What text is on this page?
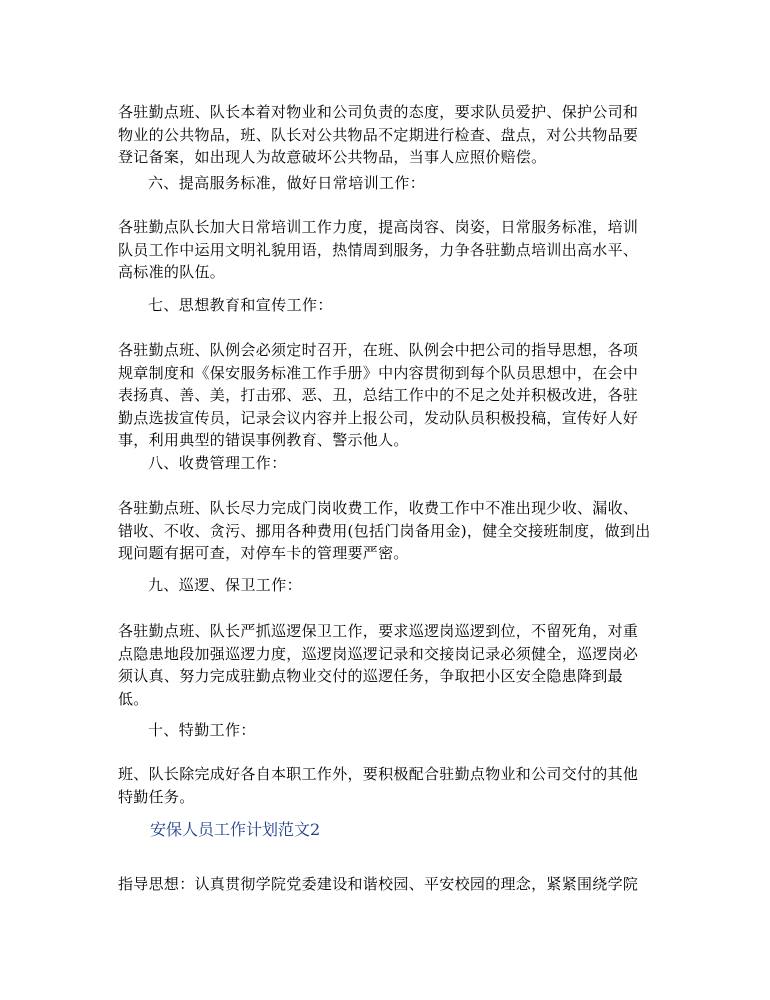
各驻勤点班、队长本着对物业和公司负责的态度，要求队员爱护、保护公司和物业的公共物品，班、队长对公共物品不定期进行检查、盘点，对公共物品要登记备案，如出现人为故意破坏公共物品，当事人应照价赔偿。
六、提高服务标准，做好日常培训工作：
各驻勤点队长加大日常培训工作力度，提高岗容、岗姿，日常服务标准，培训队员工作中运用文明礼貌用语，热情周到服务，力争各驻勤点培训出高水平、高标准的队伍。
七、思想教育和宣传工作：
各驻勤点班、队例会必须定时召开，在班、队例会中把公司的指导思想，各项规章制度和《保安服务标准工作手册》中内容贯彻到每个队员思想中，在会中表扬真、善、美，打击邪、恶、丑，总结工作中的不足之处并积极改进，各驻勤点选拔宣传员，记录会议内容并上报公司，发动队员积极投稿，宣传好人好事，利用典型的错误事例教育、警示他人。
八、收费管理工作：
各驻勤点班、队长尽力完成门岗收费工作，收费工作中不准出现少收、漏收、错收、不收、贪污、挪用各种费用(包括门岗备用金)，健全交接班制度，做到出现问题有据可查，对停车卡的管理要严密。
九、巡逻、保卫工作：
各驻勤点班、队长严抓巡逻保卫工作，要求巡逻岗巡逻到位，不留死角，对重点隐患地段加强巡逻力度，巡逻岗巡逻记录和交接岗记录必须健全，巡逻岗必须认真、努力完成驻勤点物业交付的巡逻任务，争取把小区安全隐患降到最低。
十、特勤工作：
班、队长除完成好各自本职工作外，要积极配合驻勤点物业和公司交付的其他特勤任务。
安保人员工作计划范文2
指导思想：认真贯彻学院党委建设和谐校园、平安校园的理念，紧紧围绕学院
